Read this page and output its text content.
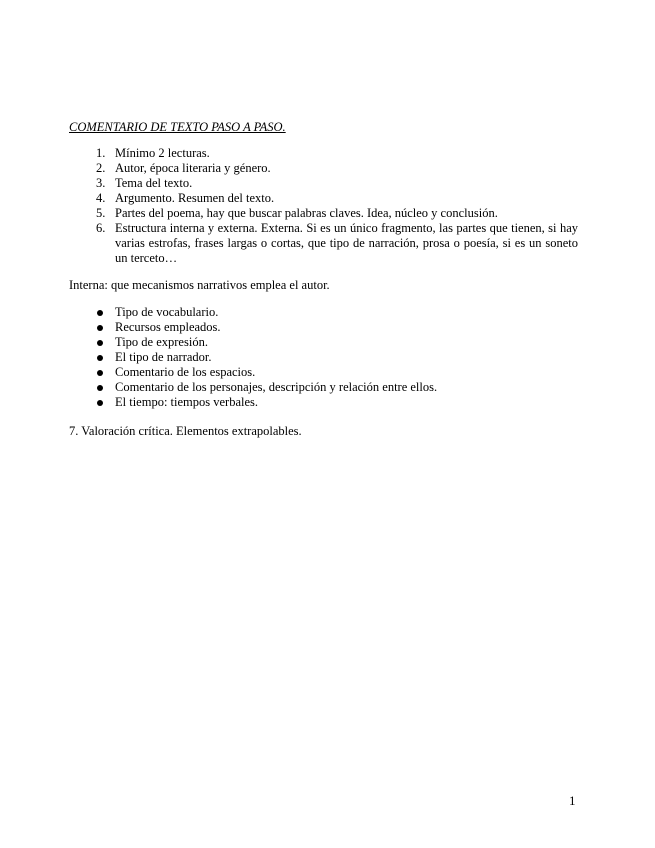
COMENTARIO DE TEXTO PASO A PASO.
1. Mínimo 2 lecturas.
2. Autor, época literaria y género.
3. Tema del texto.
4. Argumento. Resumen del texto.
5. Partes del poema, hay que buscar palabras claves. Idea, núcleo y conclusión.
6. Estructura interna y externa. Externa. Si es un único fragmento, las partes que tienen, si hay varias estrofas, frases largas o cortas, que tipo de narración, prosa o poesía, si es un soneto un terceto…
Interna: que mecanismos narrativos emplea el autor.
Tipo de vocabulario.
Recursos empleados.
Tipo de expresión.
El tipo de narrador.
Comentario de los espacios.
Comentario de los personajes, descripción y relación entre ellos.
El tiempo: tiempos verbales.
7. Valoración crítica. Elementos extrapolables.
1
